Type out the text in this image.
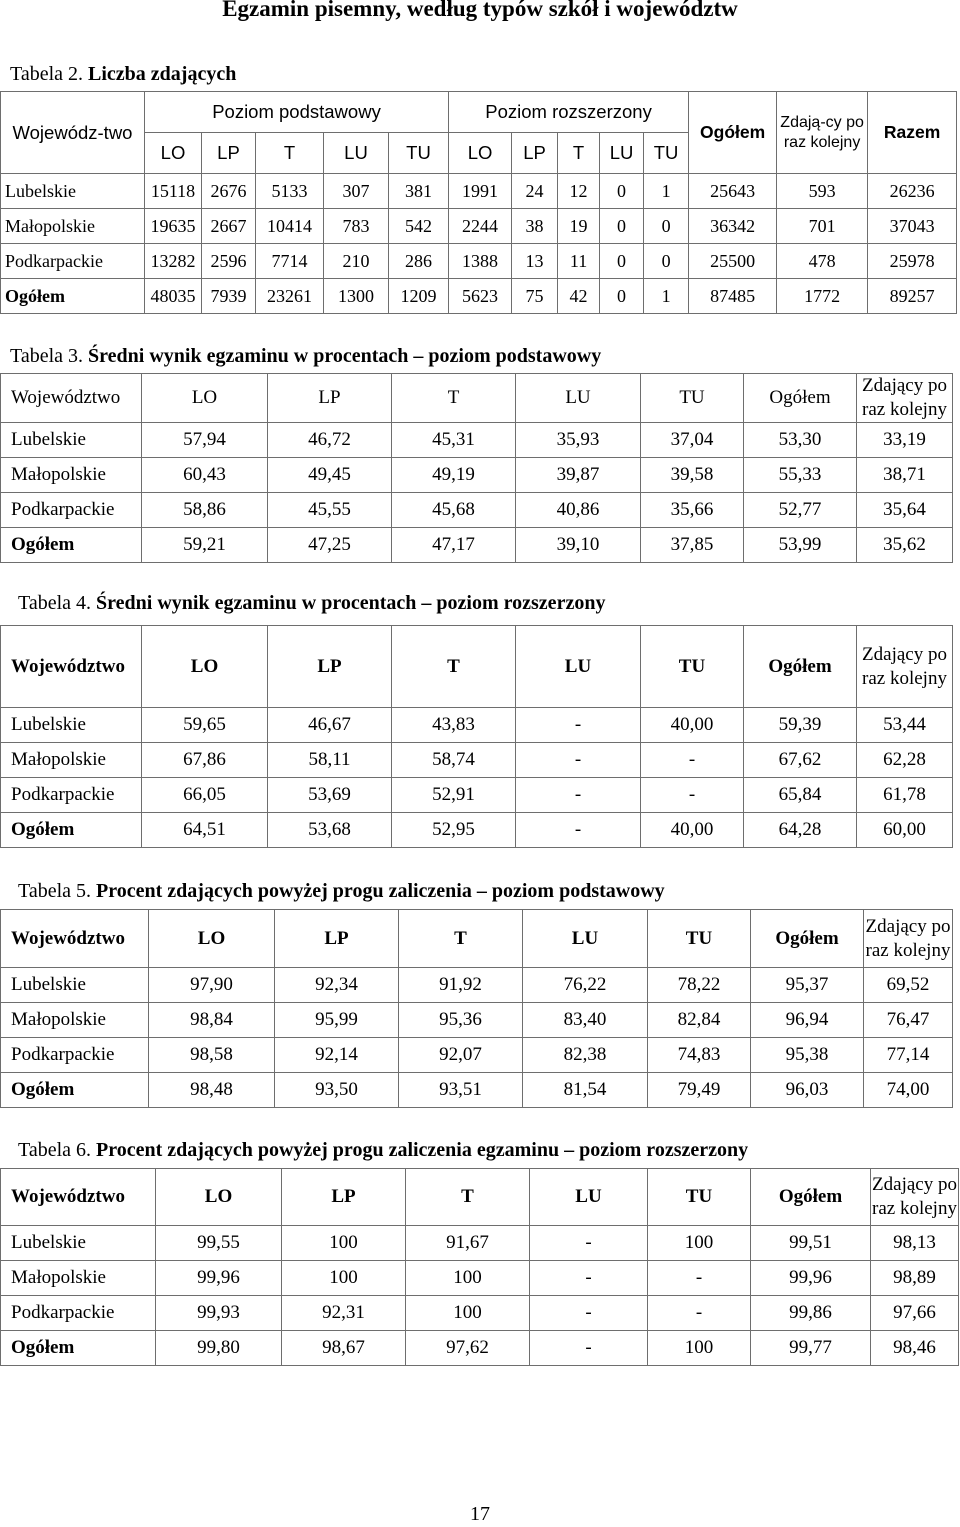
Egzamin pisemny, według typów szkół i województw
Tabela 2. Liczba zdających
Wojewódz-two	Poziom podstawowy					Poziom rozszerzony					Ogółem	Zdają-cy po raz kolejny	Razem
	LO	LP	T	LU	TU	LO	LP	T	LU	TU			
Lubelskie	15118	2676	5133	307	381	1991	24	12	0	1	25643	593	26236
Małopolskie	19635	2667	10414	783	542	2244	38	19	0	0	36342	701	37043
Podkarpackie	13282	2596	7714	210	286	1388	13	11	0	0	25500	478	25978
Ogółem	48035	7939	23261	1300	1209	5623	75	42	0	1	87485	1772	89257
Tabela 3. Średni wynik egzaminu w procentach – poziom podstawowy
Województwo	LO	LP	T	LU	TU	Ogółem	Zdający po raz kolejny
Lubelskie	57,94	46,72	45,31	35,93	37,04	53,30	33,19
Małopolskie	60,43	49,45	49,19	39,87	39,58	55,33	38,71
Podkarpackie	58,86	45,55	45,68	40,86	35,66	52,77	35,64
Ogółem	59,21	47,25	47,17	39,10	37,85	53,99	35,62
Tabela 4. Średni wynik egzaminu w procentach – poziom rozszerzony
Województwo	LO	LP	T	LU	TU	Ogółem	Zdający po raz kolejny
Lubelskie	59,65	46,67	43,83	-	40,00	59,39	53,44
Małopolskie	67,86	58,11	58,74	-	-	67,62	62,28
Podkarpackie	66,05	53,69	52,91	-	-	65,84	61,78
Ogółem	64,51	53,68	52,95	-	40,00	64,28	60,00
Tabela 5. Procent zdających powyżej progu zaliczenia – poziom podstawowy
Województwo	LO	LP	T	LU	TU	Ogółem	Zdający po raz kolejny
Lubelskie	97,90	92,34	91,92	76,22	78,22	95,37	69,52
Małopolskie	98,84	95,99	95,36	83,40	82,84	96,94	76,47
Podkarpackie	98,58	92,14	92,07	82,38	74,83	95,38	77,14
Ogółem	98,48	93,50	93,51	81,54	79,49	96,03	74,00
Tabela 6. Procent zdających powyżej progu zaliczenia egzaminu – poziom rozszerzony
Województwo	LO	LP	T	LU	TU	Ogółem	Zdający po raz kolejny
Lubelskie	99,55	100	91,67	-	100	99,51	98,13
Małopolskie	99,96	100	100	-	-	99,96	98,89
Podkarpackie	99,93	92,31	100	-	-	99,86	97,66
Ogółem	99,80	98,67	97,62	-	100	99,77	98,46
17
